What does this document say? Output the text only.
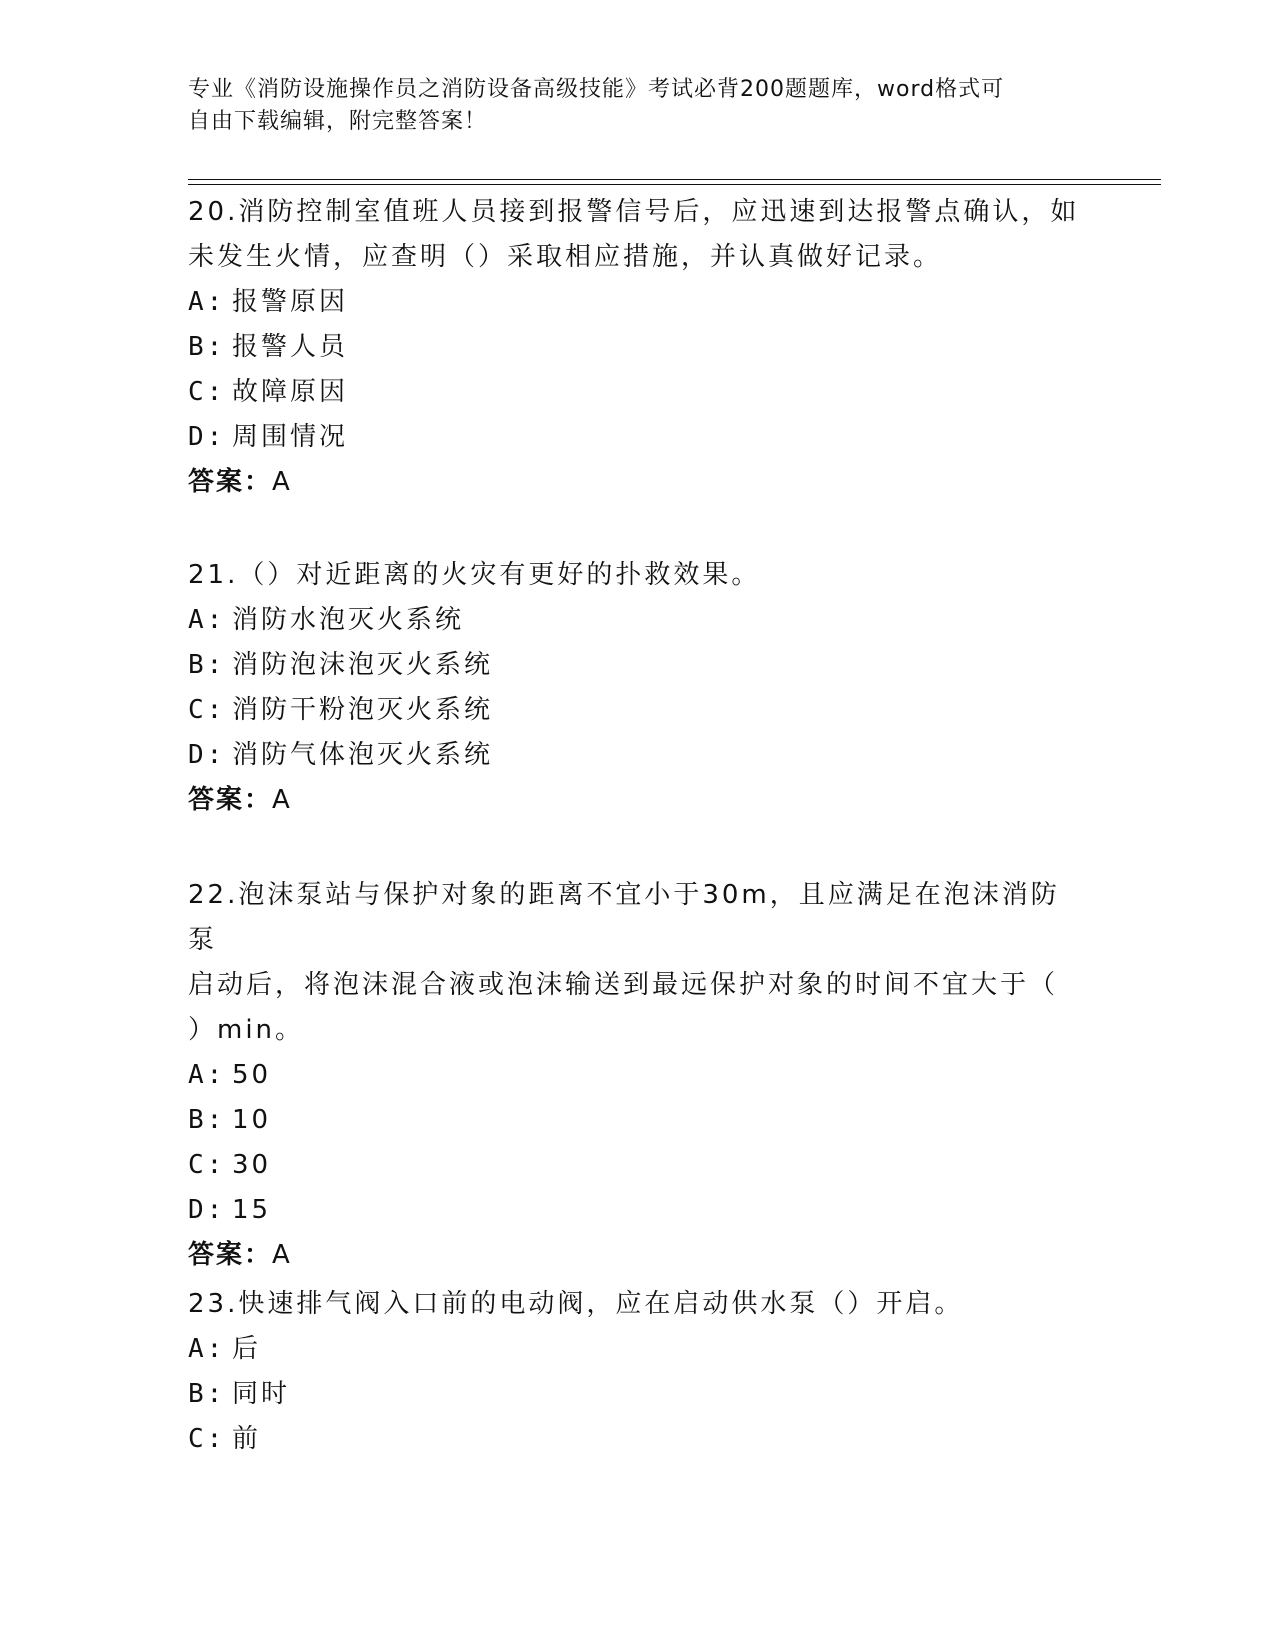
专业《消防设施操作员之消防设备高级技能》考试必背200题题库，word格式可
自由下载编辑，附完整答案！
20.消防控制室值班人员接到报警信号后，应迅速到达报警点确认，如
未发生火情，应查明（）采取相应措施，并认真做好记录。
A: 报警原因
B: 报警人员
C: 故障原因
D: 周围情况
答案：A
21.（）对近距离的火灾有更好的扑救效果。
A: 消防水泡灭火系统
B: 消防泡沫泡灭火系统
C: 消防干粉泡灭火系统
D: 消防气体泡灭火系统
答案：A
22.泡沫泵站与保护对象的距离不宜小于30m，且应满足在泡沫消防泵
启动后，将泡沫混合液或泡沫输送到最远保护对象的时间不宜大于（
）min。
A: 50
B: 10
C: 30
D: 15
答案：A
23.快速排气阀入口前的电动阀，应在启动供水泵（）开启。
A: 后
B: 同时
C: 前
